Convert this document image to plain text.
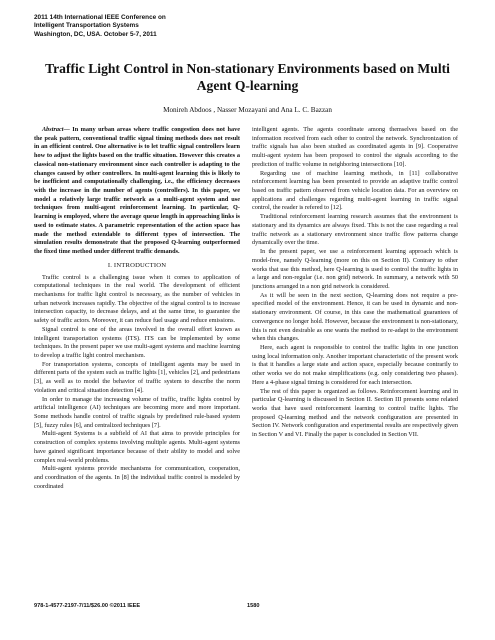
2011 14th International IEEE Conference on
Intelligent Transportation Systems
Washington, DC, USA. October 5-7, 2011
Traffic Light Control in Non-stationary Environments based on Multi Agent Q-learning
Monireh Abdoos , Nasser Mozayani and Ana L. C. Bazzan

Abstract— In many urban areas where traffic congestion does not have the peak pattern, conventional traffic signal timing methods does not result in an efficient control. One alternative is to let traffic signal controllers learn how to adjust the lights based on the traffic situation. However this creates a classical non-stationary environment since each controller is adapting to the changes caused by other controllers. In multi-agent learning this is likely to be inefficient and computationally challenging, i.e., the efficiency decreases with the increase in the number of agents (controllers). In this paper, we model a relatively large traffic network as a multi-agent system and use techniques from multi-agent reinforcement learning. In particular, Q-learning is employed, where the average queue length in approaching links is used to estimate states. A parametric representation of the action space has made the method extendable to different types of intersection. The simulation results demonstrate that the proposed Q-learning outperformed the fixed time method under different traffic demands.

I. INTRODUCTION

Traffic control is a challenging issue when it comes to application of computational techniques in the real world. The development of efficient mechanisms for traffic light control is necessary, as the number of vehicles in urban network increases rapidly. The objective of the signal control is to increase intersection capacity, to decrease delays, and at the same time, to guarantee the safety of traffic actors. Moreover, it can reduce fuel usage and reduce emissions.

Signal control is one of the areas involved in the overall effort known as intelligent transportation systems (ITS). ITS can be implemented by some techniques. In the present paper we use multi-agent systems and machine learning to develop a traffic light control mechanism.

For transportation systems, concepts of intelligent agents may be used in different parts of the system such as traffic lights [1], vehicles [2], and pedestrians [3], as well as to model the behavior of traffic system to describe the norm violation and critical situation detection [4].

In order to manage the increasing volume of traffic, traffic lights control by artificial intelligence (AI) techniques are becoming more and more important. Some methods handle control of traffic signals by predefined rule-based system [5], fuzzy rules [6], and centralized techniques [7].

Multi-agent Systems is a subfield of AI that aims to provide principles for construction of complex systems involving multiple agents. Multi-agent systems have gained significant importance because of their ability to model and solve complex real-world problems.

Multi-agent systems provide mechanisms for communication, cooperation, and coordination of the agents. In [8] the individual traffic control is modeled by coordinated

intelligent agents. The agents coordinate among themselves based on the information received from each other to control the network. Synchronization of traffic signals has also been studied as coordinated agents in [9]. Cooperative multi-agent system has been proposed to control the signals according to the prediction of traffic volume in neighboring intersections [10].

Regarding use of machine learning methods, in [11] collaborative reinforcement learning has been presented to provide an adaptive traffic control based on traffic pattern observed from vehicle location data. For an overview on applications and challenges regarding multi-agent learning in traffic signal control, the reader is refered to [12].

Traditional reinforcement learning research assumes that the environment is stationary and its dynamics are always fixed. This is not the case regarding a real traffic network as a stationary environment since traffic flow patterns change dynamically over the time.

In the present paper, we use a reinforcement learning approach which is model-free, namely Q-learning (more on this on Section II). Contrary to other works that use this method, here Q-learning is used to control the traffic lights in a large and non-regular (i.e. non grid) network. In summary, a network with 50 junctions arranged in a non grid network is considered.

As it will be seen in the next section, Q-learning does not require a pre-specified model of the environment. Hence, it can be used in dynamic and non-stationary environment. Of course, in this case the mathematical guarantees of convergence no longer hold. However, because the environment is non-stationary, this is not even desirable as one wants the method to re-adapt to the environment when this changes.

Here, each agent is responsible to control the traffic lights in one junction using local information only. Another important characteristic of the present work is that it handles a large state and action space, especially because contrarily to other works we do not make simplifications (e.g. only considering two phases). Here a 4-phase signal timing is considered for each intersection.

The rest of this paper is organized as follows. Reinforcement learning and in particular Q-learning is discussed in Section II. Section III presents some related works that have used reinforcement learning to control traffic lights. The proposed Q-learning method and the network configuration are presented in Section IV. Network configuration and experimental results are respectively given in Section V and VI. Finally the paper is concluded in Section VII.

978-1-4577-2197-7/11/$26.00 ©2011 IEEE	1580
